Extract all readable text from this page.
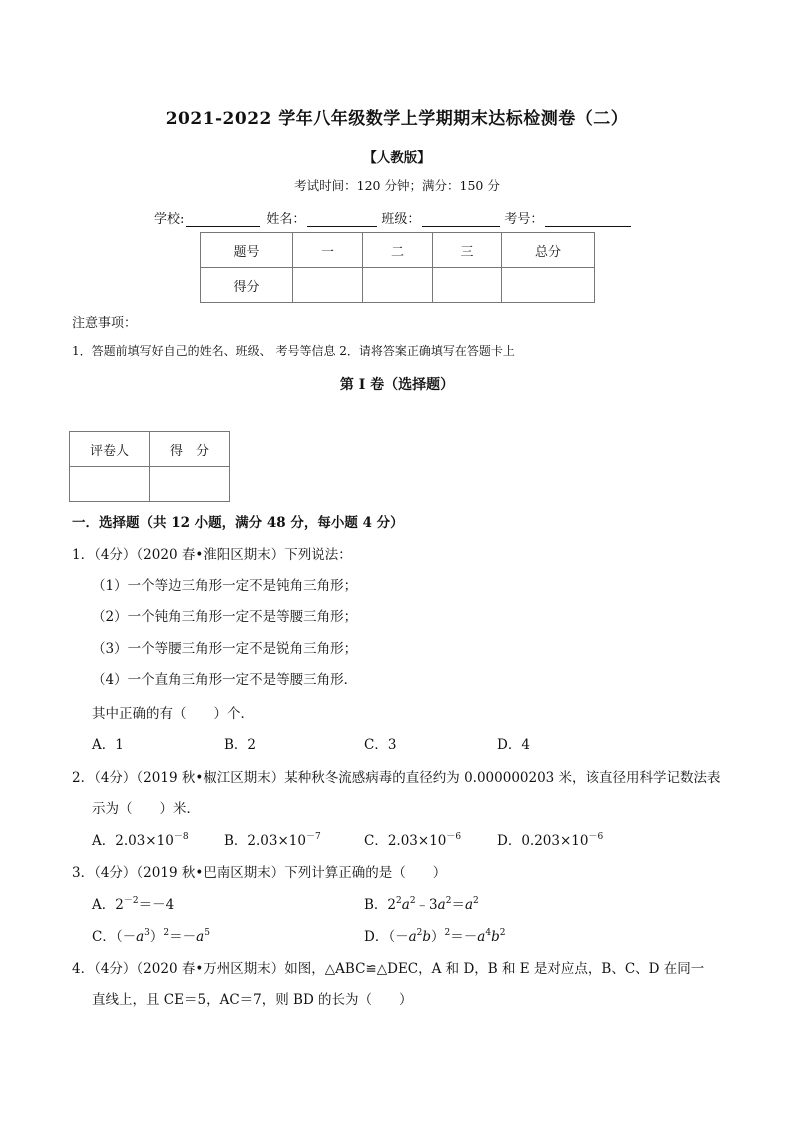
2021-2022 学年八年级数学上学期期末达标检测卷（二）
【人教版】
考试时间：120 分钟；满分：150 分
学校:	姓名：	班级：	考号：
题号	一	二	三	总分
得分				
注意事项：
1．答题前填写好自己的姓名、班级、 考号等信息 2．请将答案正确填写在答题卡上
第 I 卷（选择题）
评卷人	得　分

一．选择题（共 12 小题，满分 48 分，每小题 4 分）
1．（4分）（2020 春•淮阳区期末）下列说法：
（1）一个等边三角形一定不是钝角三角形；
（2）一个钝角三角形一定不是等腰三角形；
（3）一个等腰三角形一定不是锐角三角形；
（4）一个直角三角形一定不是等腰三角形．
其中正确的有（　　）个．
A．1	B．2	C．3	D．4
2．（4分）（2019 秋•椒江区期末）某种秋冬流感病毒的直径约为 0.000000203 米，该直径用科学记数法表
示为（　　）米．
A．$2.03\times 10^{-8}$	B．$2.03\times 10^{-7}$	C．$2.03\times 10^{-6}$	D．$0.203\times 10^{-6}$
3．（4分）（2019 秋•巴南区期末）下列计算正确的是（　　）
A．$2^{-2}=-4$	B．$2^2a^2﹣3a^2=a^2$
C．$(-a^3)^2=-a^5$	D．$(-a^2b)^2=-a^4b^2$
4．（4分）（2020 春•万州区期末）如图，△ABC≌△DEC，A 和 D，B 和 E 是对应点，B、C、D 在同一
直线上，且 CE＝5，AC＝7，则 BD 的长为（　　）
